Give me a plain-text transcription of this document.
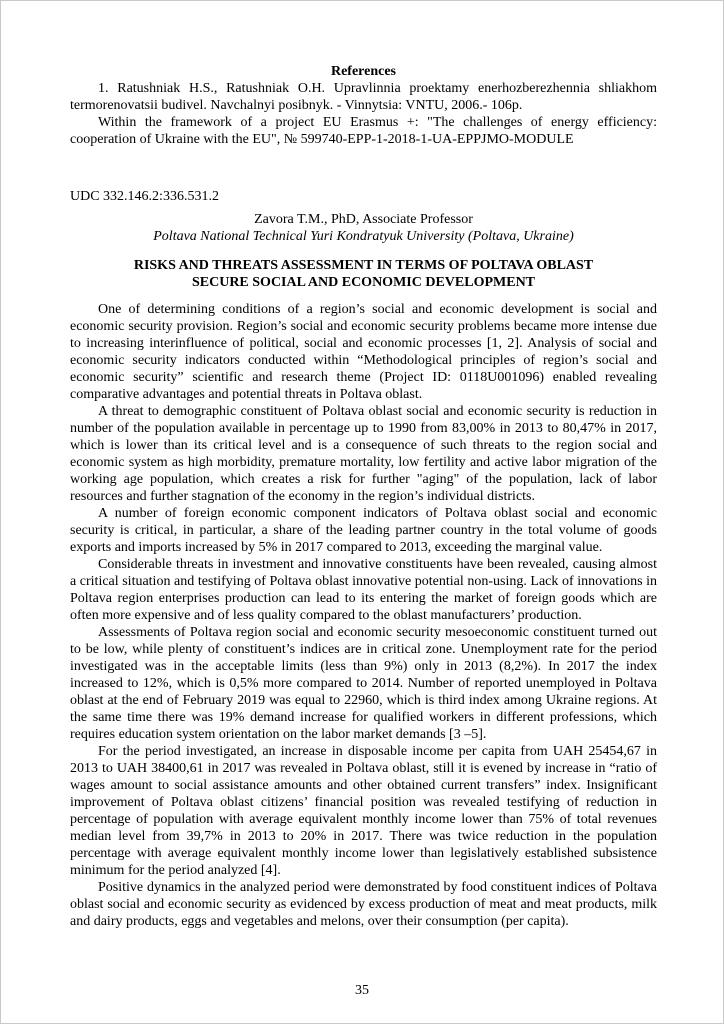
References

1. Ratushniak H.S., Ratushniak O.H. Upravlinnia proektamy enerhozberezhennia shliakhom termorenovatsii budivel. Navchalnyi posibnyk. - Vinnytsia: VNTU, 2006.- 106p.

Within the framework of a project EU Erasmus +: "The challenges of energy efficiency: cooperation of Ukraine with the EU", № 599740-EPP-1-2018-1-UA-EPPJMO-MODULE

UDC 332.146.2:336.531.2
Zavora T.M., PhD, Associate Professor
Poltava National Technical Yuri Kondratyuk University (Poltava, Ukraine)
RISKS AND THREATS ASSESSMENT IN TERMS OF POLTAVA OBLAST SECURE SOCIAL AND ECONOMIC DEVELOPMENT

One of determining conditions of a region’s social and economic development is social and economic security provision. Region’s social and economic security problems became more intense due to increasing interinfluence of political, social and economic processes [1, 2]. Analysis of social and economic security indicators conducted within “Methodological principles of region’s social and economic security” scientific and research theme (Project ID: 0118U001096) enabled revealing comparative advantages and potential threats in Poltava oblast.

A threat to demographic constituent of Poltava oblast social and economic security is reduction in number of the population available in percentage up to 1990 from 83,00% in 2013 to 80,47% in 2017, which is lower than its critical level and is a consequence of such threats to the region social and economic system as high morbidity, premature mortality, low fertility and active labor migration of the working age population, which creates a risk for further "aging" of the population, lack of labor resources and further stagnation of the economy in the region’s individual districts.

A number of foreign economic component indicators of Poltava oblast social and economic security is critical, in particular, a share of the leading partner country in the total volume of goods exports and imports increased by 5% in 2017 compared to 2013, exceeding the marginal value.

Considerable threats in investment and innovative constituents have been revealed, causing almost a critical situation and testifying of Poltava oblast innovative potential non-using. Lack of innovations in Poltava region enterprises production can lead to its entering the market of foreign goods which are often more expensive and of less quality compared to the oblast manufacturers’ production.

Assessments of Poltava region social and economic security mesoeconomic constituent turned out to be low, while plenty of constituent’s indices are in critical zone. Unemployment rate for the period investigated was in the acceptable limits (less than 9%) only in 2013 (8,2%). In 2017 the index increased to 12%, which is 0,5% more compared to 2014. Number of reported unemployed in Poltava oblast at the end of February 2019 was equal to 22960, which is third index among Ukraine regions. At the same time there was 19% demand increase for qualified workers in different professions, which requires education system orientation on the labor market demands [3 –5].

For the period investigated, an increase in disposable income per capita from UAH 25454,67 in 2013 to UAH 38400,61 in 2017 was revealed in Poltava oblast, still it is evened by increase in “ratio of wages amount to social assistance amounts and other obtained current transfers” index. Insignificant improvement of Poltava oblast citizens’ financial position was revealed testifying of reduction in percentage of population with average equivalent monthly income lower than 75% of total revenues median level from 39,7% in 2013 to 20% in 2017. There was twice reduction in the population percentage with average equivalent monthly income lower than legislatively established subsistence minimum for the period analyzed [4].

Positive dynamics in the analyzed period were demonstrated by food constituent indices of Poltava oblast social and economic security as evidenced by excess production of meat and meat products, milk and dairy products, eggs and vegetables and melons, over their consumption (per capita).

35
